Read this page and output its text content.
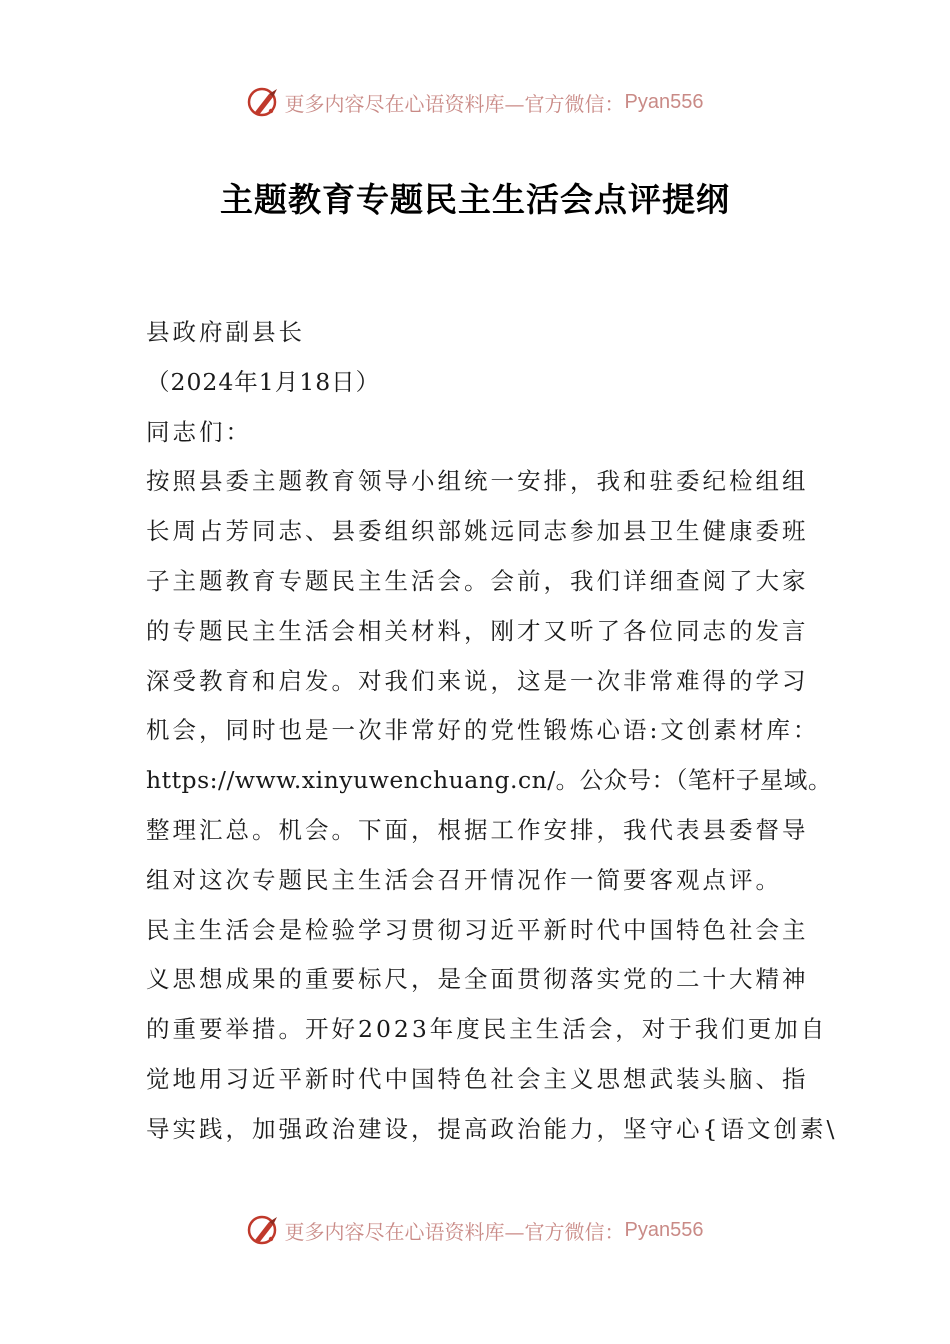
更多内容尽在心语资料库—官方微信： Pyan556
主题教育专题民主生活会点评提纲
县政府副县长
（2024年1月18日）
同志们：
按照县委主题教育领导小组统一安排，我和驻委纪检组组
长周占芳同志、县委组织部姚远同志参加县卫生健康委班
子主题教育专题民主生活会。会前，我们详细查阅了大家
的专题民主生活会相关材料，刚才又听了各位同志的发言
深受教育和启发。对我们来说，这是一次非常难得的学习
机会，同时也是一次非常好的党性锻炼心语:文创素材库：
https://www.xinyuwenchuang.cn/。公众号：（笔杆子星域。
整理汇总。机会。下面，根据工作安排，我代表县委督导
组对这次专题民主生活会召开情况作一简要客观点评。
民主生活会是检验学习贯彻习近平新时代中国特色社会主
义思想成果的重要标尺，是全面贯彻落实党的二十大精神
的重要举措。开好2023年度民主生活会，对于我们更加自
觉地用习近平新时代中国特色社会主义思想武装头脑、指
导实践，加强政治建设，提高政治能力，坚守心{语文创素\
更多内容尽在心语资料库—官方微信： Pyan556
